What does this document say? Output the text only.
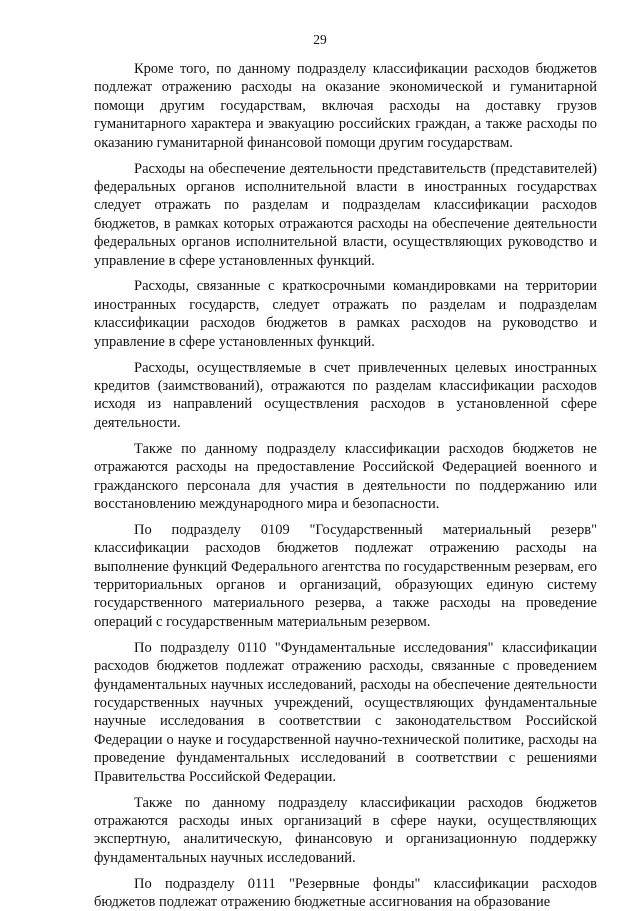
29

Кроме того, по данному подразделу классификации расходов бюджетов подлежат отражению расходы на оказание экономической и гуманитарной помощи другим государствам, включая расходы на доставку грузов гуманитарного характера и эвакуацию российских граждан, а также расходы по оказанию гуманитарной финансовой помощи другим государствам.

Расходы на обеспечение деятельности представительств (представителей) федеральных органов исполнительной власти в иностранных государствах следует отражать по разделам и подразделам классификации расходов бюджетов, в рамках которых отражаются расходы на обеспечение деятельности федеральных органов исполнительной власти, осуществляющих руководство и управление в сфере установленных функций.

Расходы, связанные с краткосрочными командировками на территории иностранных государств, следует отражать по разделам и подразделам классификации расходов бюджетов в рамках расходов на руководство и управление в сфере установленных функций.

Расходы, осуществляемые в счет привлеченных целевых иностранных кредитов (заимствований), отражаются по разделам классификации расходов исходя из направлений осуществления расходов в установленной сфере деятельности.

Также по данному подразделу классификации расходов бюджетов не отражаются расходы на предоставление Российской Федерацией военного и гражданского персонала для участия в деятельности по поддержанию или восстановлению международного мира и безопасности.

По подразделу 0109 "Государственный материальный резерв" классификации расходов бюджетов подлежат отражению расходы на выполнение функций Федерального агентства по государственным резервам, его территориальных органов и организаций, образующих единую систему государственного материального резерва, а также расходы на проведение операций с государственным материальным резервом.

По подразделу 0110 "Фундаментальные исследования" классификации расходов бюджетов подлежат отражению расходы, связанные с проведением фундаментальных научных исследований, расходы на обеспечение деятельности государственных научных учреждений, осуществляющих фундаментальные научные исследования в соответствии с законодательством Российской Федерации о науке и государственной научно-технической политике, расходы на проведение фундаментальных исследований в соответствии с решениями Правительства Российской Федерации.

Также по данному подразделу классификации расходов бюджетов отражаются расходы иных организаций в сфере науки, осуществляющих экспертную, аналитическую, финансовую и организационную поддержку фундаментальных научных исследований.

По подразделу 0111 "Резервные фонды" классификации расходов бюджетов подлежат отражению бюджетные ассигнования на образование
